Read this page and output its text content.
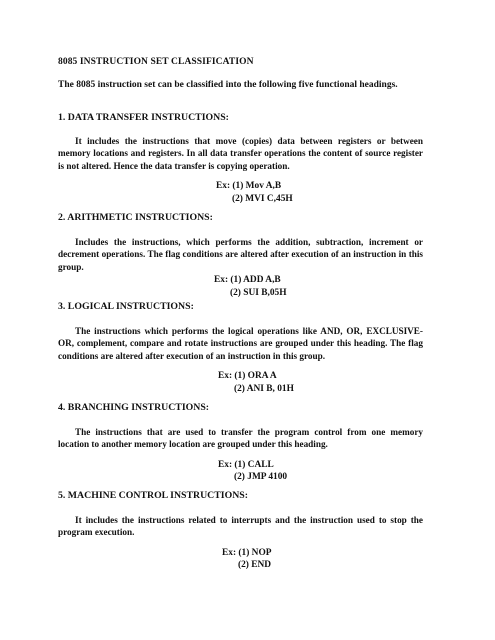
8085 INSTRUCTION SET CLASSIFICATION
The 8085 instruction set can be classified into the following five functional headings.

1. DATA TRANSFER INSTRUCTIONS:

It includes the instructions that move (copies) data between registers or between memory locations and registers. In all data transfer operations the content of source register is not altered. Hence the data transfer is copying operation.

Ex: (1) Mov A,B
(2) MVI C,45H

2. ARITHMETIC INSTRUCTIONS:

Includes the instructions, which performs the addition, subtraction, increment or decrement operations. The flag conditions are altered after execution of an instruction in this group.

Ex: (1) ADD A,B
(2) SUI B,05H

3. LOGICAL INSTRUCTIONS:

The instructions which performs the logical operations like AND, OR, EXCLUSIVE-OR, complement, compare and rotate instructions are grouped under this heading. The flag conditions are altered after execution of an instruction in this group.

Ex: (1) ORA A
(2) ANI B, 01H

4. BRANCHING INSTRUCTIONS:

The instructions that are used to transfer the program control from one memory location to another memory location are grouped under this heading.

Ex: (1) CALL
(2) JMP 4100

5. MACHINE CONTROL INSTRUCTIONS:

It includes the instructions related to interrupts and the instruction used to stop the program execution.

Ex: (1) NOP
(2) END
